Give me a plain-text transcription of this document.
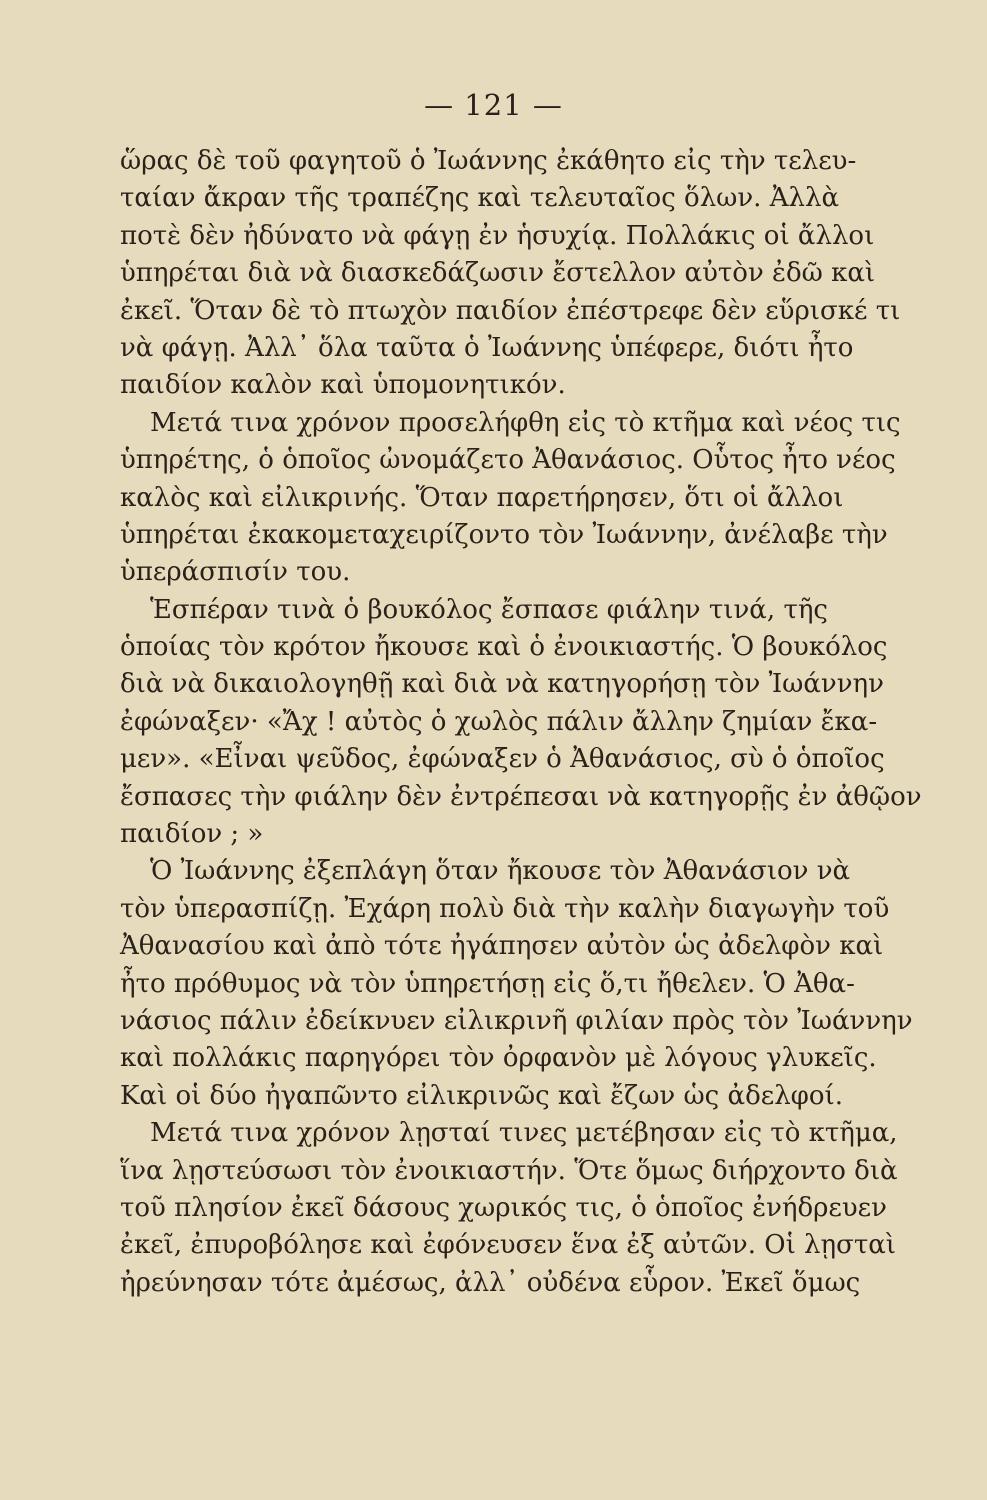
— 121 —
ὥρας δὲ τοῦ φαγητοῦ ὁ Ἰωάννης ἐκάθητο εἰς τὴν τελευ-
ταίαν ἄκραν τῆς τραπέζης καὶ τελευταῖος ὅλων. Ἀλλὰ
ποτὲ δὲν ἠδύνατο νὰ φάγῃ ἐν ἡσυχίᾳ. Πολλάκις οἱ ἄλλοι
ὑπηρέται διὰ νὰ διασκεδάζωσιν ἔστελλον αὐτὸν ἐδῶ καὶ
ἐκεῖ. Ὅταν δὲ τὸ πτωχὸν παιδίον ἐπέστρεφε δὲν εὕρισκέ τι
νὰ φάγῃ. Ἀλλ᾽ ὅλα ταῦτα ὁ Ἰωάννης ὑπέφερε, διότι ἦτο
παιδίον καλὸν καὶ ὑπομονητικόν.
Μετά τινα χρόνον προσελήφθη εἰς τὸ κτῆμα καὶ νέος τις
ὑπηρέτης, ὁ ὁποῖος ὠνομάζετο Ἀθανάσιος. Οὗτος ἦτο νέος
καλὸς καὶ εἰλικρινής. Ὅταν παρετήρησεν, ὅτι οἱ ἄλλοι
ὑπηρέται ἐκακομεταχειρίζοντο τὸν Ἰωάννην, ἀνέλαβε τὴν
ὑπεράσπισίν του.
Ἑσπέραν τινὰ ὁ βουκόλος ἔσπασε φιάλην τινά, τῆς
ὁποίας τὸν κρότον ἤκουσε καὶ ὁ ἐνοικιαστής. Ὁ βουκόλος
διὰ νὰ δικαιολογηθῇ καὶ διὰ νὰ κατηγορήσῃ τὸν Ἰωάννην
ἐφώναξεν· «Ἄχ ! αὐτὸς ὁ χωλὸς πάλιν ἄλλην ζημίαν ἔκα-
μεν». «Εἶναι ψεῦδος, ἐφώναξεν ὁ Ἀθανάσιος, σὺ ὁ ὁποῖος
ἔσπασες τὴν φιάλην δὲν ἐντρέπεσαι νὰ κατηγορῇς ἐν ἀθῷον
παιδίον ; »
Ὁ Ἰωάννης ἐξεπλάγη ὅταν ἤκουσε τὸν Ἀθανάσιον νὰ
τὸν ὑπερασπίζῃ. Ἐχάρη πολὺ διὰ τὴν καλὴν διαγωγὴν τοῦ
Ἀθανασίου καὶ ἀπὸ τότε ἠγάπησεν αὐτὸν ὡς ἀδελφὸν καὶ
ἦτο πρόθυμος νὰ τὸν ὑπηρετήσῃ εἰς ὅ,τι ἤθελεν. Ὁ Ἀθα-
νάσιος πάλιν ἐδείκνυεν εἰλικρινῆ φιλίαν πρὸς τὸν Ἰωάννην
καὶ πολλάκις παρηγόρει τὸν ὀρφανὸν μὲ λόγους γλυκεῖς.
Καὶ οἱ δύο ἠγαπῶντο εἰλικρινῶς καὶ ἔζων ὡς ἀδελφοί.
Μετά τινα χρόνον λῃσταί τινες μετέβησαν εἰς τὸ κτῆμα,
ἵνα λῃστεύσωσι τὸν ἐνοικιαστήν. Ὅτε ὅμως διήρχοντο διὰ
τοῦ πλησίον ἐκεῖ δάσους χωρικός τις, ὁ ὁποῖος ἐνήδρευεν
ἐκεῖ, ἐπυροβόλησε καὶ ἐφόνευσεν ἕνα ἐξ αὐτῶν. Οἱ λῃσταὶ
ἠρεύνησαν τότε ἀμέσως, ἀλλ᾽ οὐδένα εὗρον. Ἐκεῖ ὅμως
